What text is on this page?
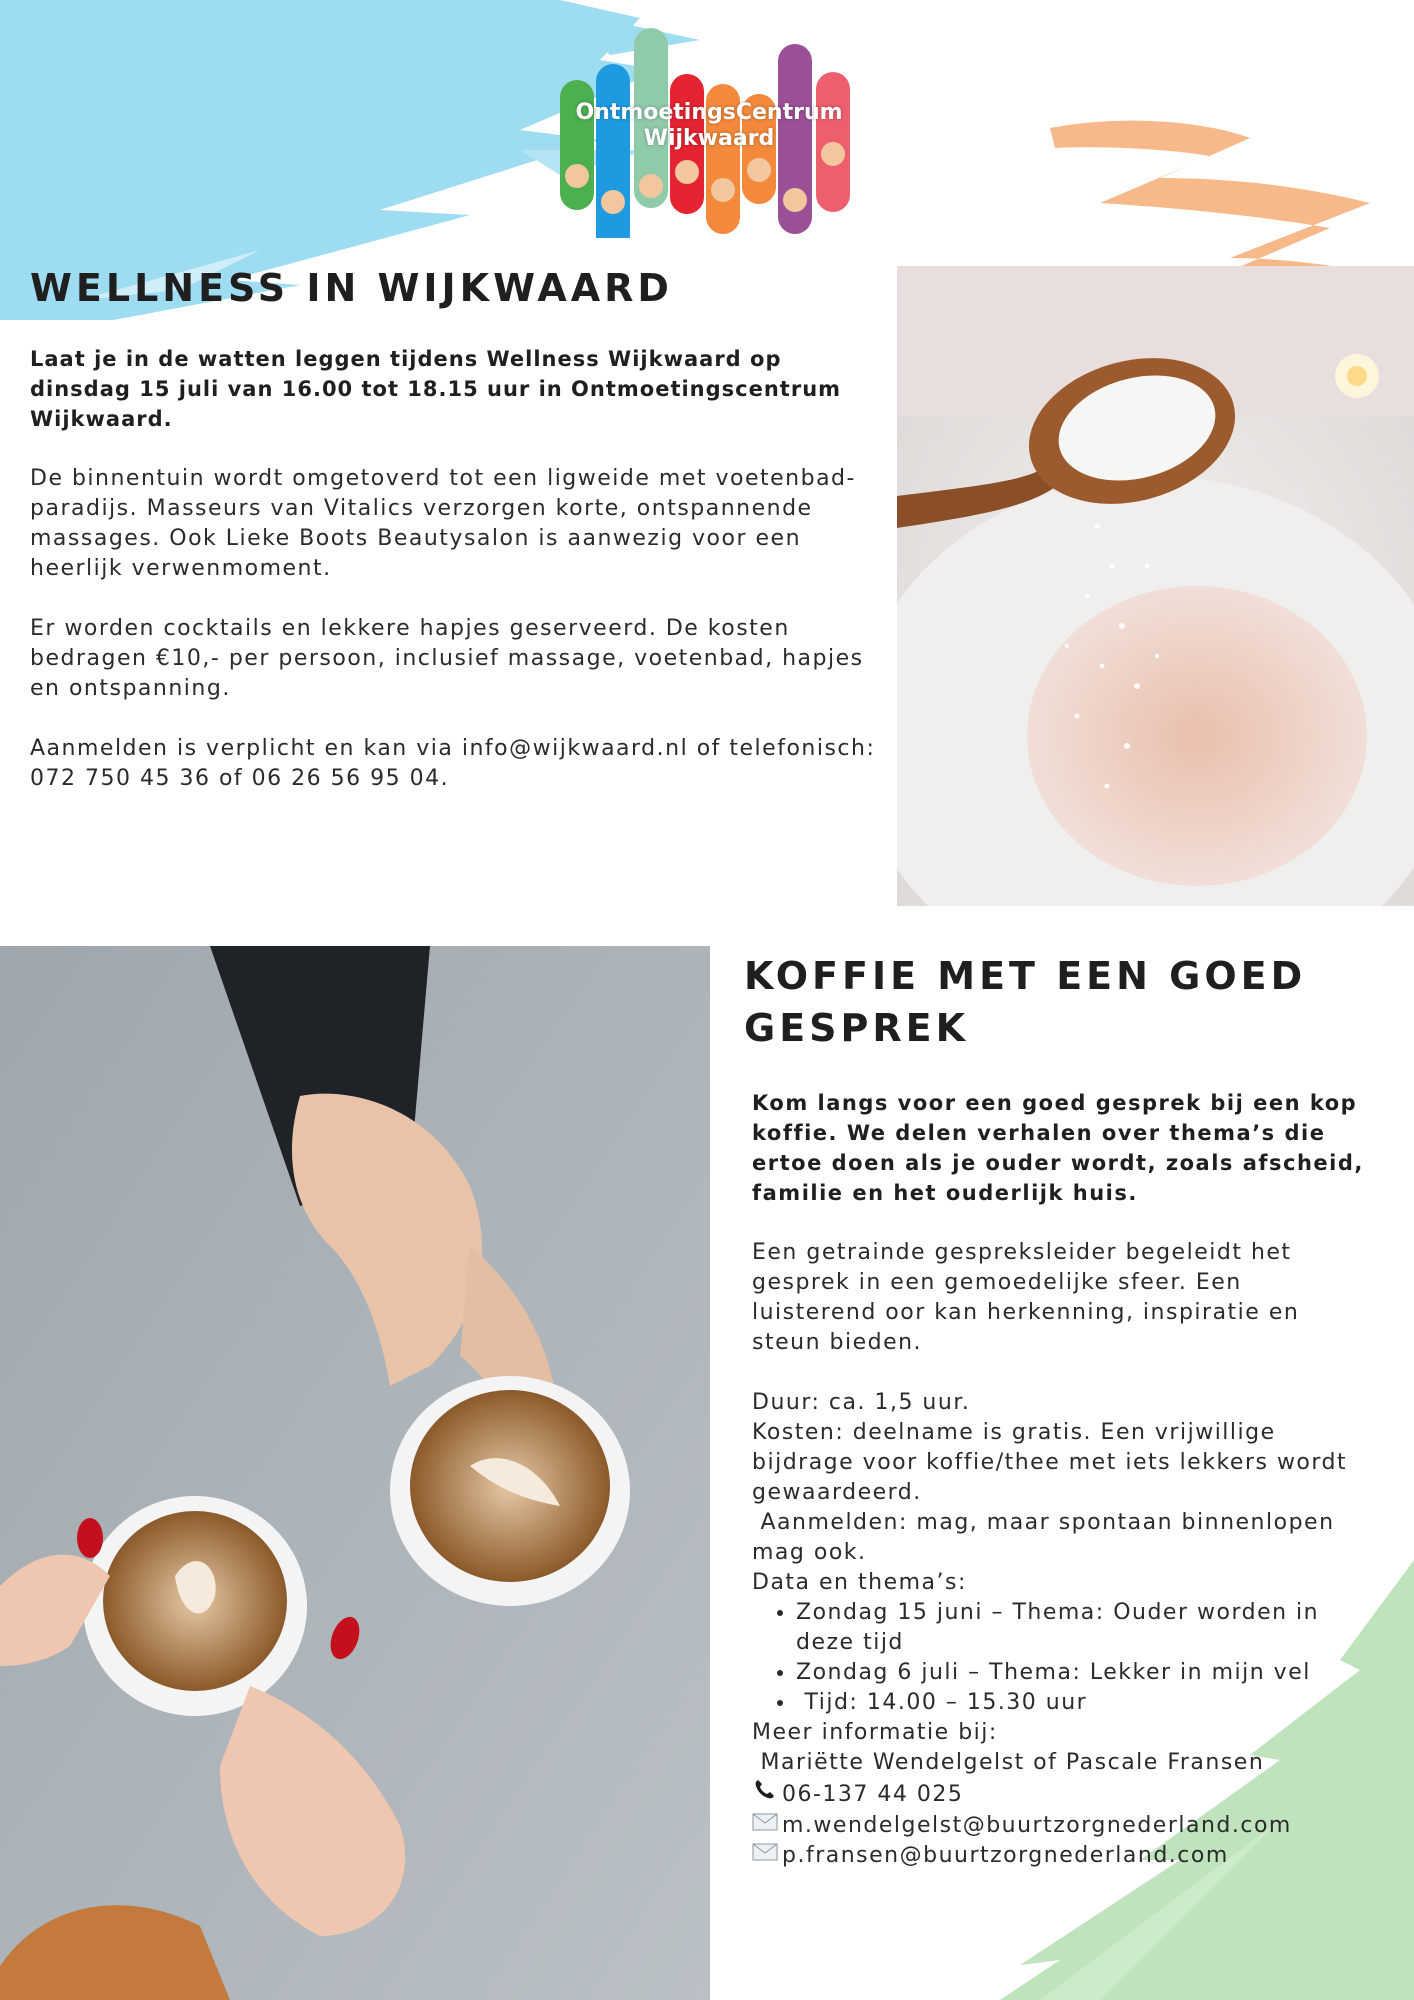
OntmoetingsCentrum
Wijkwaard
WELLNESS IN WIJKWAARD

Laat je in de watten leggen tijdens Wellness Wijkwaard op dinsdag 15 juli van 16.00 tot 18.15 uur in Ontmoetingscentrum Wijkwaard.

De binnentuin wordt omgetoverd tot een ligweide met voetenbad-paradijs. Masseurs van Vitalics verzorgen korte, ontspannende massages. Ook Lieke Boots Beautysalon is aanwezig voor een heerlijk verwenmoment.

Er worden cocktails en lekkere hapjes geserveerd. De kosten bedragen €10,- per persoon, inclusief massage, voetenbad, hapjes en ontspanning.

Aanmelden is verplicht en kan via info@wijkwaard.nl of telefonisch: 072 750 45 36 of 06 26 56 95 04.

KOFFIE MET EEN GOED
GESPREK

Kom langs voor een goed gesprek bij een kop koffie. We delen verhalen over thema’s die ertoe doen als je ouder wordt, zoals afscheid, familie en het ouderlijk huis.

Een getrainde gespreksleider begeleidt het gesprek in een gemoedelijke sfeer. Een luisterend oor kan herkenning, inspiratie en steun bieden.

Duur: ca. 1,5 uur.
Kosten: deelname is gratis. Een vrijwillige bijdrage voor koffie/thee met iets lekkers wordt gewaardeerd.
Aanmelden: mag, maar spontaan binnenlopen mag ook.
Data en thema’s:
• Zondag 15 juni – Thema: Ouder worden in deze tijd
• Zondag 6 juli – Thema: Lekker in mijn vel
•  Tijd: 14.00 – 15.30 uur
Meer informatie bij:
Mariëtte Wendelgelst of Pascale Fransen
06-137 44 025
m.wendelgelst@buurtzorgnederland.com
p.fransen@buurtzorgnederland.com
